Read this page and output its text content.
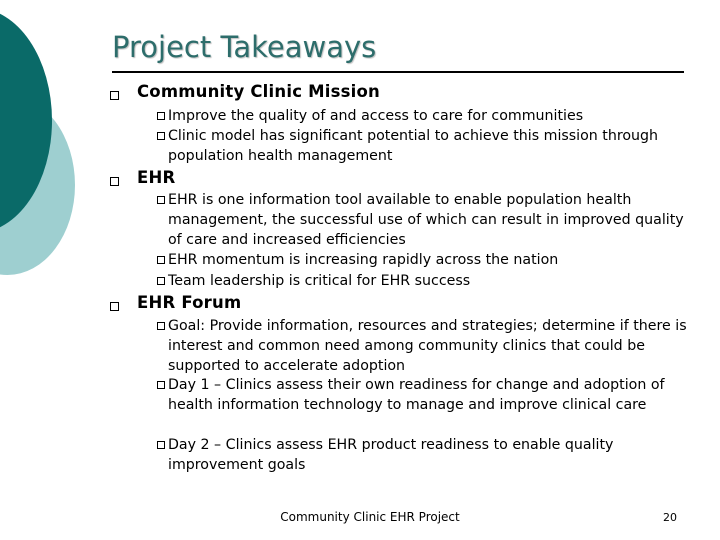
Project Takeaways
Community Clinic Mission
Improve the quality of and access to care for communities
Clinic model has significant potential to achieve this mission through population health management
EHR
EHR is one information tool available to enable population health management, the successful use of which can result in improved quality of care and increased efficiencies
EHR momentum is increasing rapidly across the nation
Team leadership is critical for EHR success
EHR Forum
Goal: Provide information, resources and strategies; determine if there is interest and common need among community clinics that could be supported to accelerate adoption
Day 1 – Clinics assess their own readiness for change and adoption of health information technology to manage and improve clinical care
Day 2 – Clinics assess EHR product readiness to enable quality improvement goals
Community Clinic EHR Project	20
